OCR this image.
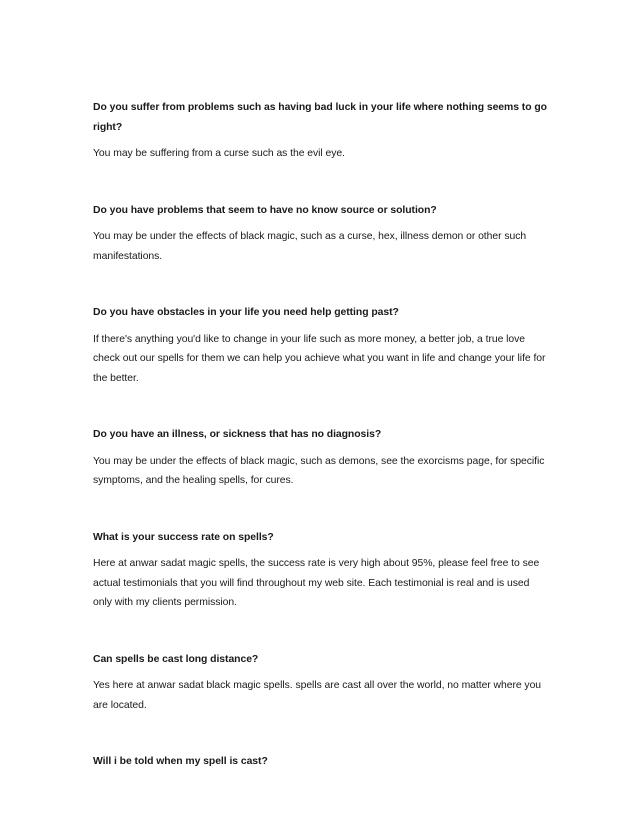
Do you suffer from problems such as having bad luck in your life where nothing seems to go right?

You may be suffering from a curse such as the evil eye.

Do you have problems that seem to have no know source or solution?

You may be under the effects of black magic, such as a curse, hex, illness demon or other such manifestations.

Do you have obstacles in your life you need help getting past?

If there's anything you'd like to change in your life such as more money, a better job, a true love check out our spells for them we can help you achieve what you want in life and change your life for the better.

Do you have an illness, or sickness that has no diagnosis?

You may be under the effects of black magic, such as demons, see the exorcisms page, for specific symptoms, and the healing spells, for cures.

What is your success rate on spells?

Here at anwar sadat magic spells, the success rate is very high about 95%, please feel free to see actual testimonials that you will find throughout my web site. Each testimonial is real and is used only with my clients permission.

Can spells be cast long distance?

Yes here at anwar sadat black magic spells. spells are cast all over the world, no matter where you are located.

Will i be told when my spell is cast?
